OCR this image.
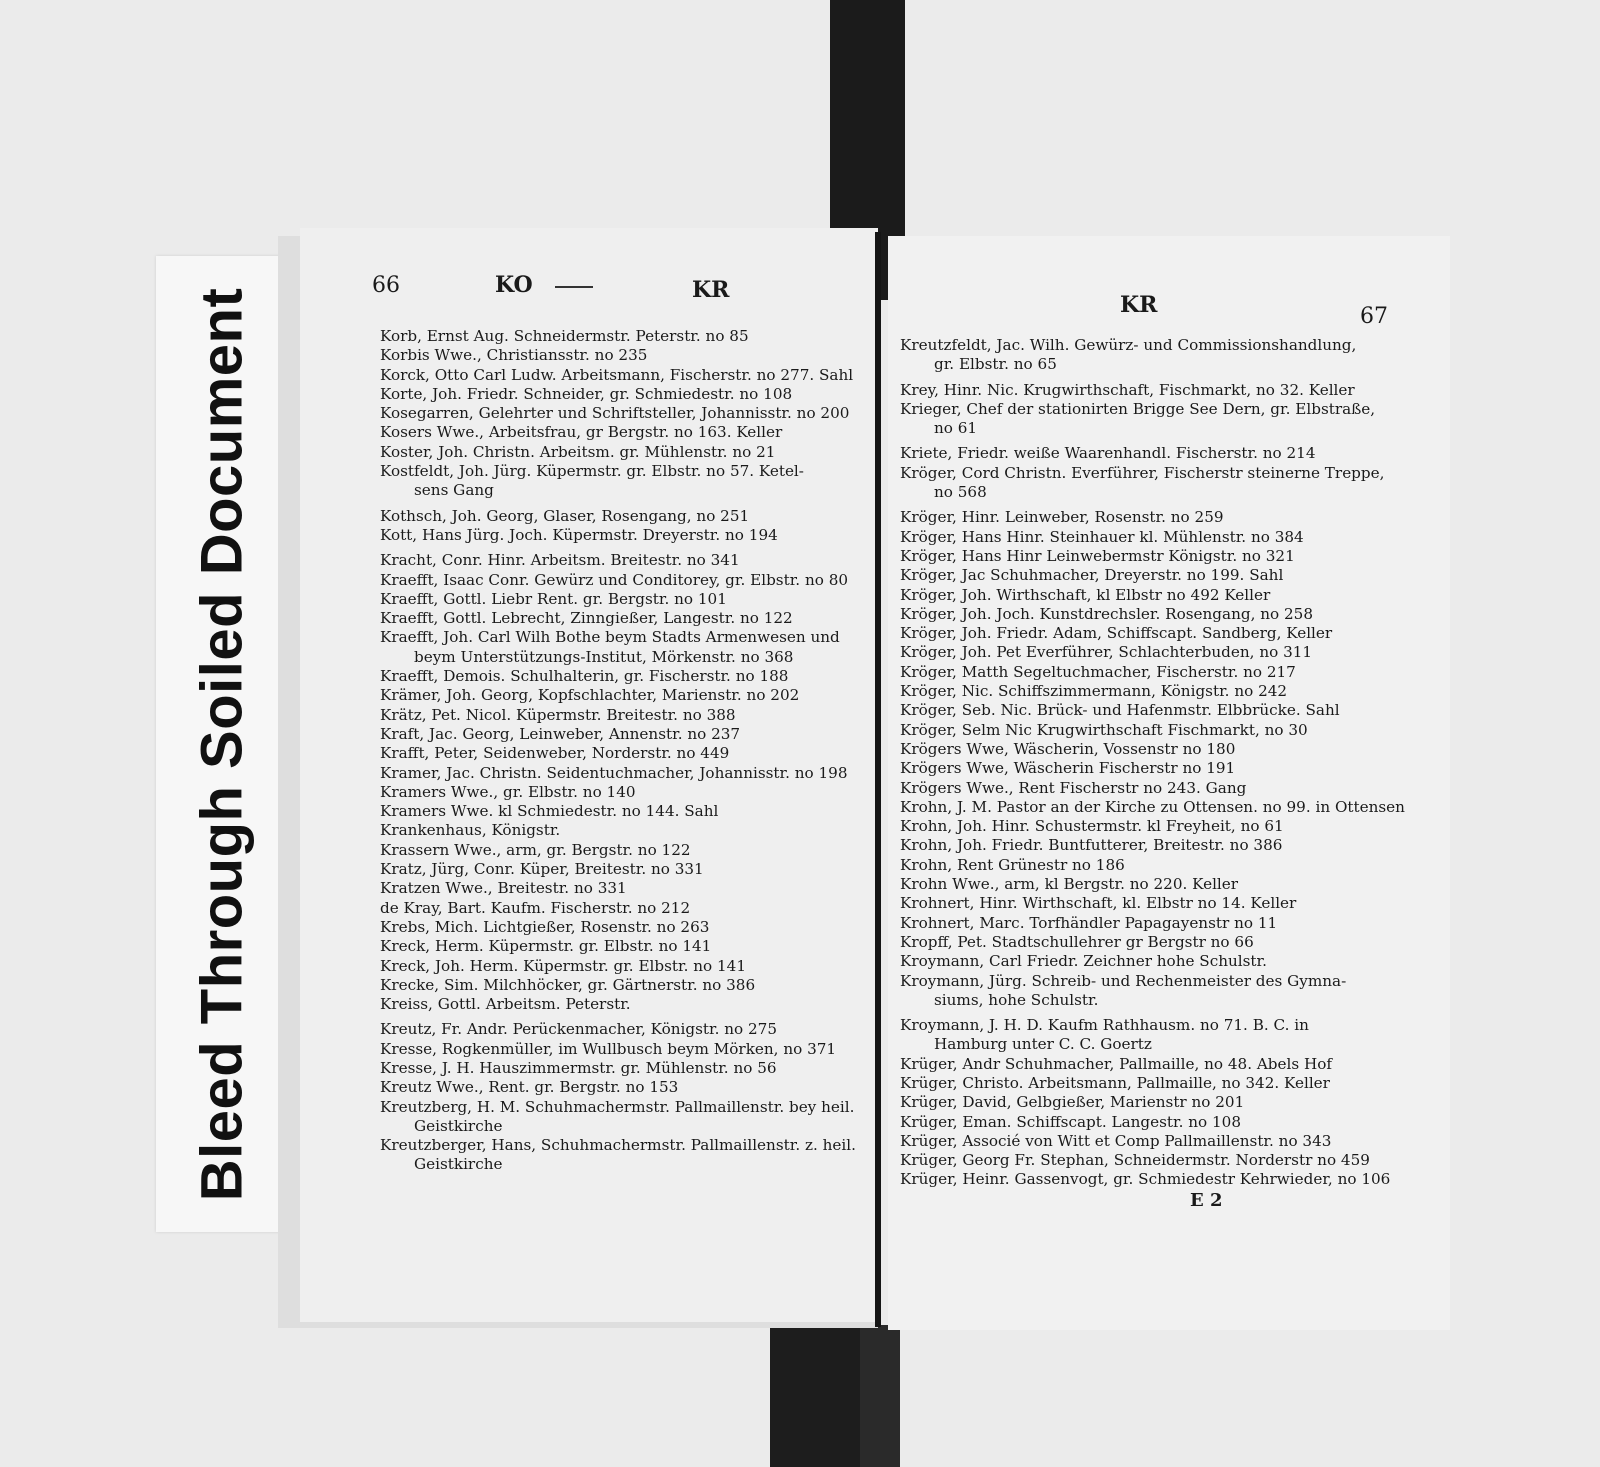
Bleed Through Soiled Document
66	KO	KR
Korb, Ernst Aug. Schneidermstr. Peterstr. no 85
Korbis Wwe., Christiansstr. no 235
Korck, Otto Carl Ludw. Arbeitsmann, Fischerstr. no 277. Sahl
Korte, Joh. Friedr. Schneider, gr. Schmiedestr. no 108
Kosegarren, Gelehrter und Schriftsteller, Johannisstr. no 200
Kosers Wwe., Arbeitsfrau, gr Bergstr. no 163. Keller
Koster, Joh. Christn. Arbeitsm. gr. Mühlenstr. no 21
Kostfeldt, Joh. Jürg. Küpermstr. gr. Elbstr. no 57. Ketel-
sens Gang
Kothsch, Joh. Georg, Glaser, Rosengang, no 251
Kott, Hans Jürg. Joch. Küpermstr. Dreyerstr. no 194
Kracht, Conr. Hinr. Arbeitsm. Breitestr. no 341
Kraefft, Isaac Conr. Gewürz und Conditorey, gr. Elbstr. no 80
Kraefft, Gottl. Liebr Rent. gr. Bergstr. no 101
Kraefft, Gottl. Lebrecht, Zinngießer, Langestr. no 122
Kraefft, Joh. Carl Wilh Bothe beym Stadts Armenwesen und
beym Unterstützungs-Institut, Mörkenstr. no 368
Kraefft, Demois. Schulhalterin, gr. Fischerstr. no 188
Krämer, Joh. Georg, Kopfschlachter, Marienstr. no 202
Krätz, Pet. Nicol. Küpermstr. Breitestr. no 388
Kraft, Jac. Georg, Leinweber, Annenstr. no 237
Krafft, Peter, Seidenweber, Norderstr. no 449
Kramer, Jac. Christn. Seidentuchmacher, Johannisstr. no 198
Kramers Wwe., gr. Elbstr. no 140
Kramers Wwe. kl Schmiedestr. no 144. Sahl
Krankenhaus, Königstr.
Krassern Wwe., arm, gr. Bergstr. no 122
Kratz, Jürg, Conr. Küper, Breitestr. no 331
Kratzen Wwe., Breitestr. no 331
de Kray, Bart. Kaufm. Fischerstr. no 212
Krebs, Mich. Lichtgießer, Rosenstr. no 263
Kreck, Herm. Küpermstr. gr. Elbstr. no 141
Kreck, Joh. Herm. Küpermstr. gr. Elbstr. no 141
Krecke, Sim. Milchhöcker, gr. Gärtnerstr. no 386
Kreiss, Gottl. Arbeitsm. Peterstr.
Kreutz, Fr. Andr. Perückenmacher, Königstr. no 275
Kresse, Rogkenmüller, im Wullbusch beym Mörken, no 371
Kresse, J. H. Hauszimmermstr. gr. Mühlenstr. no 56
Kreutz Wwe., Rent. gr. Bergstr. no 153
Kreutzberg, H. M. Schuhmachermstr. Pallmaillenstr. bey heil.
Geistkirche
Kreutzberger, Hans, Schuhmachermstr. Pallmaillenstr. z. heil.
Geistkirche
KR	67
Kreutzfeldt, Jac. Wilh. Gewürz- und Commissionshandlung,
gr. Elbstr. no 65
Krey, Hinr. Nic. Krugwirthschaft, Fischmarkt, no 32. Keller
Krieger, Chef der stationirten Brigge See Dern, gr. Elbstraße,
no 61
Kriete, Friedr. weiße Waarenhandl. Fischerstr. no 214
Kröger, Cord Christn. Everführer, Fischerstr steinerne Treppe,
no 568
Kröger, Hinr. Leinweber, Rosenstr. no 259
Kröger, Hans Hinr. Steinhauer kl. Mühlenstr. no 384
Kröger, Hans Hinr Leinwebermstr Königstr. no 321
Kröger, Jac Schuhmacher, Dreyerstr. no 199. Sahl
Kröger, Joh. Wirthschaft, kl Elbstr no 492 Keller
Kröger, Joh. Joch. Kunstdrechsler. Rosengang, no 258
Kröger, Joh. Friedr. Adam, Schiffscapt. Sandberg, Keller
Kröger, Joh. Pet Everführer, Schlachterbuden, no 311
Kröger, Matth Segeltuchmacher, Fischerstr. no 217
Kröger, Nic. Schiffszimmermann, Königstr. no 242
Kröger, Seb. Nic. Brück- und Hafenmstr. Elbbrücke. Sahl
Kröger, Selm Nic Krugwirthschaft Fischmarkt, no 30
Krögers Wwe, Wäscherin, Vossenstr no 180
Krögers Wwe, Wäscherin Fischerstr no 191
Krögers Wwe., Rent Fischerstr no 243. Gang
Krohn, J. M. Pastor an der Kirche zu Ottensen. no 99. in Ottensen
Krohn, Joh. Hinr. Schustermstr. kl Freyheit, no 61
Krohn, Joh. Friedr. Buntfutterer, Breitestr. no 386
Krohn, Rent Grünestr no 186
Krohn Wwe., arm, kl Bergstr. no 220. Keller
Krohnert, Hinr. Wirthschaft, kl. Elbstr no 14. Keller
Krohnert, Marc. Torfhändler Papagayenstr no 11
Kropff, Pet. Stadtschullehrer gr Bergstr no 66
Kroymann, Carl Friedr. Zeichner hohe Schulstr.
Kroymann, Jürg. Schreib- und Rechenmeister des Gymna-
siums, hohe Schulstr.
Kroymann, J. H. D. Kaufm Rathhausm. no 71. B. C. in
Hamburg unter C. C. Goertz
Krüger, Andr Schuhmacher, Pallmaille, no 48. Abels Hof
Krüger, Christo. Arbeitsmann, Pallmaille, no 342. Keller
Krüger, David, Gelbgießer, Marienstr no 201
Krüger, Eman. Schiffscapt. Langestr. no 108
Krüger, Associé von Witt et Comp Pallmaillenstr. no 343
Krüger, Georg Fr. Stephan, Schneidermstr. Norderstr no 459
Krüger, Heinr. Gassenvogt, gr. Schmiedestr Kehrwieder, no 106
E 2
